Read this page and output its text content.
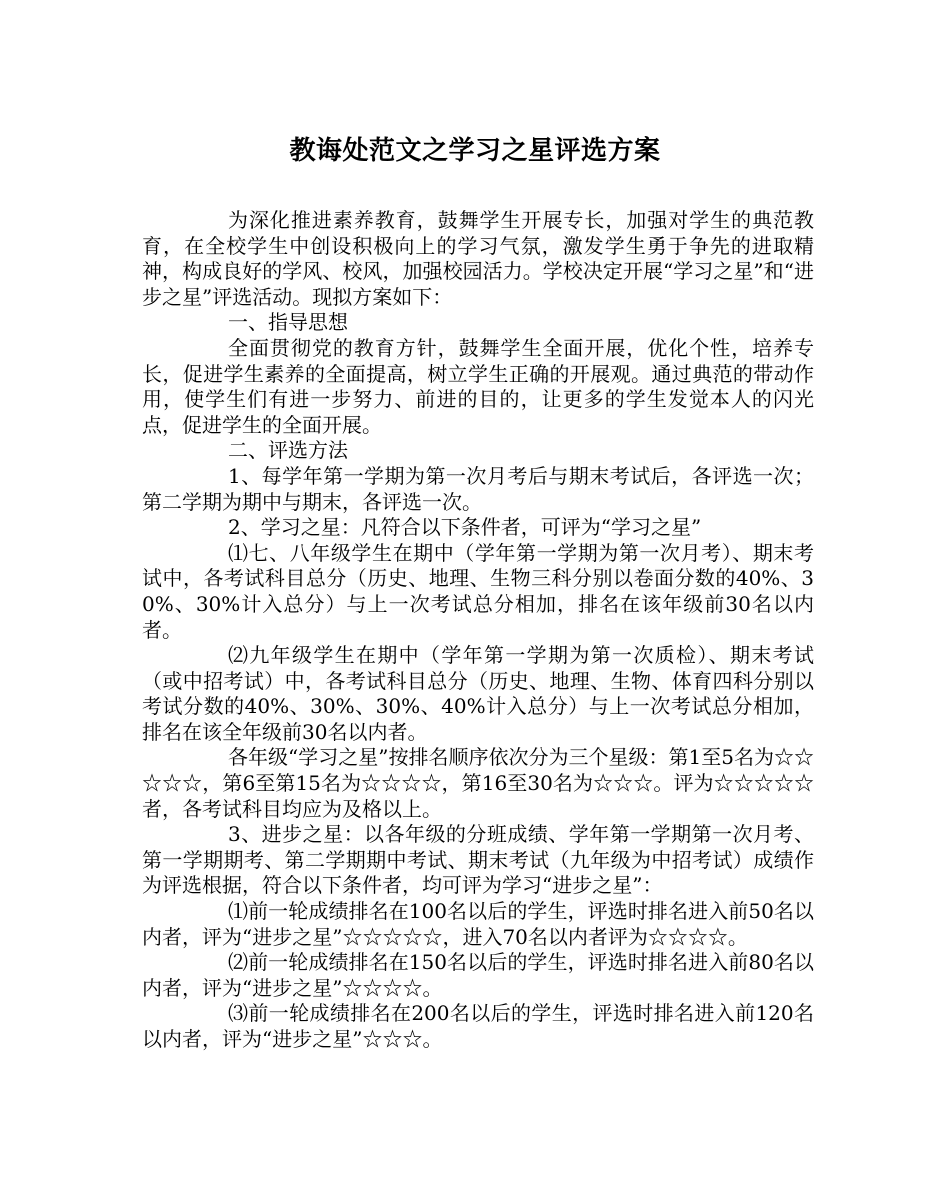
教诲处范文之学习之星评选方案

为深化推进素养教育，鼓舞学生开展专长，加强对学生的典范教育，在全校学生中创设积极向上的学习气氛，激发学生勇于争先的进取精神，构成良好的学风、校风，加强校园活力。学校决定开展“学习之星”和“进步之星”评选活动。现拟方案如下：

一、指导思想

全面贯彻党的教育方针，鼓舞学生全面开展，优化个性，培养专长，促进学生素养的全面提高，树立学生正确的开展观。通过典范的带动作用，使学生们有进一步努力、前进的目的，让更多的学生发觉本人的闪光点，促进学生的全面开展。

二、评选方法

1、每学年第一学期为第一次月考后与期末考试后，各评选一次；第二学期为期中与期末，各评选一次。

2、学习之星：凡符合以下条件者，可评为“学习之星”

⑴七、八年级学生在期中（学年第一学期为第一次月考）、期末考试中，各考试科目总分（历史、地理、生物三科分别以卷面分数的40%、30%、30%计入总分）与上一次考试总分相加，排名在该年级前30名以内者。

⑵九年级学生在期中（学年第一学期为第一次质检）、期末考试（或中招考试）中，各考试科目总分（历史、地理、生物、体育四科分别以考试分数的40%、30%、30%、40%计入总分）与上一次考试总分相加，排名在该全年级前30名以内者。

各年级“学习之星”按排名顺序依次分为三个星级：第1至5名为☆☆☆☆☆，第6至第15名为☆☆☆☆，第16至30名为☆☆☆。评为☆☆☆☆☆者，各考试科目均应为及格以上。

3、进步之星：以各年级的分班成绩、学年第一学期第一次月考、第一学期期考、第二学期期中考试、期末考试（九年级为中招考试）成绩作为评选根据，符合以下条件者，均可评为学习“进步之星”：

⑴前一轮成绩排名在100名以后的学生，评选时排名进入前50名以内者，评为“进步之星”☆☆☆☆☆，进入70名以内者评为☆☆☆☆。

⑵前一轮成绩排名在150名以后的学生，评选时排名进入前80名以内者，评为“进步之星”☆☆☆☆。

⑶前一轮成绩排名在200名以后的学生，评选时排名进入前120名以内者，评为“进步之星”☆☆☆。
